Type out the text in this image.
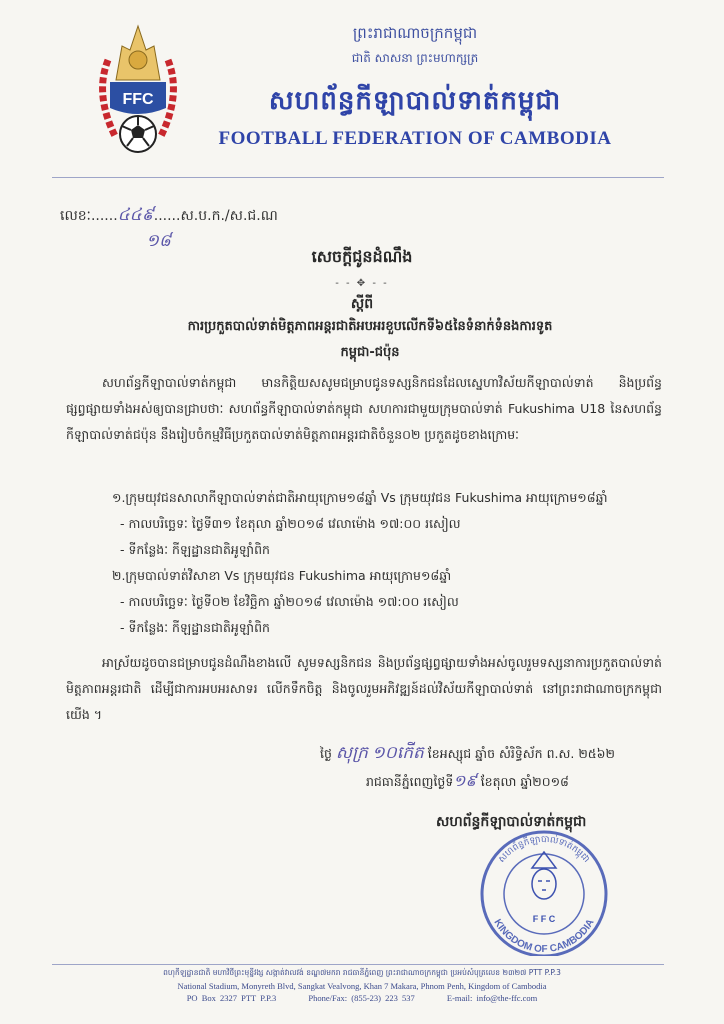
FFC
ព្រះរាជាណាចក្រកម្ពុជា
ជាតិ សាសនា ព្រះមហាក្សត្រ
សហព័ន្ធកីឡាបាល់ទាត់កម្ពុជា
FOOTBALL FEDERATION OF CAMBODIA
លេខៈ......៤៤៩......ស.ប.ក./ស.ជ.ណ
១៨
សេចក្ដីជូនដំណឹង
- - ✥ - -
ស្ដីពី
ការប្រកួតបាល់ទាត់មិត្តភាពអន្តរជាតិអបអរខួបលើកទី៦៥នៃទំនាក់ទំនងការទូត
កម្ពុជា-ជប៉ុន
សហព័ន្ធកីឡាបាល់ទាត់កម្ពុជា មានកិត្តិយសសូមជម្រាបជូនទស្សនិកជនដែលស្នេហាវិស័យកីឡាបាល់ទាត់ និងប្រព័ន្ធផ្សព្វផ្សាយទាំងអស់ឲ្យបានជ្រាបថាៈ សហព័ន្ធកីឡាបាល់ទាត់កម្ពុជា សហការជាមួយក្រុមបាល់ទាត់ Fukushima U18 នៃសហព័ន្ធកីឡាបាល់ទាត់ជប៉ុន នឹងរៀបចំកម្មវិធីប្រកួតបាល់ទាត់មិត្តភាពអន្តរជាតិចំនួន០២ ប្រកួតដូចខាងក្រោមៈ
១.ក្រុមយុវជនសាលាកីឡាបាល់ទាត់ជាតិអាយុក្រោម១៨ឆ្នាំ Vs ក្រុមយុវជន Fukushima អាយុក្រោម១៨ឆ្នាំ
- កាលបរិច្ឆេទៈ ថ្ងៃទី៣១ ខែតុលា ឆ្នាំ២០១៨ វេលាម៉ោង ១៧:០០ រសៀល
- ទីកន្លែងៈ កីឡដ្ឋានជាតិអូឡាំពិក
២.ក្រុមបាល់ទាត់វិសាខា Vs ក្រុមយុវជន Fukushima អាយុក្រោម១៨ឆ្នាំ
- កាលបរិច្ឆេទៈ ថ្ងៃទី០២ ខែវិច្ឆិកា ឆ្នាំ២០១៨ វេលាម៉ោង ១៧:០០ រសៀល
- ទីកន្លែងៈ កីឡដ្ឋានជាតិអូឡាំពិក
អាស្រ័យដូចបានជម្រាបជូនដំណឹងខាងលើ សូមទស្សនិកជន និងប្រព័ន្ធផ្សព្វផ្សាយទាំងអស់ចូលរួមទស្សនាការប្រកួតបាល់ទាត់មិត្តភាពអន្តរជាតិ ដើម្បីជាការអបអរសាទរ លើកទឹកចិត្ត និងចូលរួមអភិវឌ្ឍន៍ដល់វិស័យកីឡាបាល់ទាត់ នៅព្រះរាជាណាចក្រកម្ពុជាយើង ។
ថ្ងៃ សុក្រ ១០កើត ខែអស្សុជ ឆ្នាំច សំរិទ្ធិស័ក ព.ស. ២៥៦២
រាជធានីភ្នំពេញថ្ងៃទី១៩ ខែតុលា ឆ្នាំ២០១៨
សហព័ន្ធកីឡាបាល់ទាត់កម្ពុជា
សហព័ន្ធកីឡាបាល់ទាត់កម្ពុជា
KINGDOM OF CAMBODIA
F F C
ពហុកីឡដ្ឋានជាតិ មហាវិថីព្រះមុន្នីវង្ស សង្កាត់វាលវង់ ខណ្ឌ៧មករា រាជធានីភ្នំពេញ ព្រះរាជាណាចក្រកម្ពុជា ប្រអប់សំបុត្រលេខ ២៣២៧ PTT P.P.3
National Stadium, Monyreth Blvd, Sangkat Vealvong, Khan 7 Makara, Phnom Penh, Kingdom of Cambodia
PO Box 2327 PTT P.P.3	Phone/Fax: (855-23) 223 537	E-mail: info@the-ffc.com
